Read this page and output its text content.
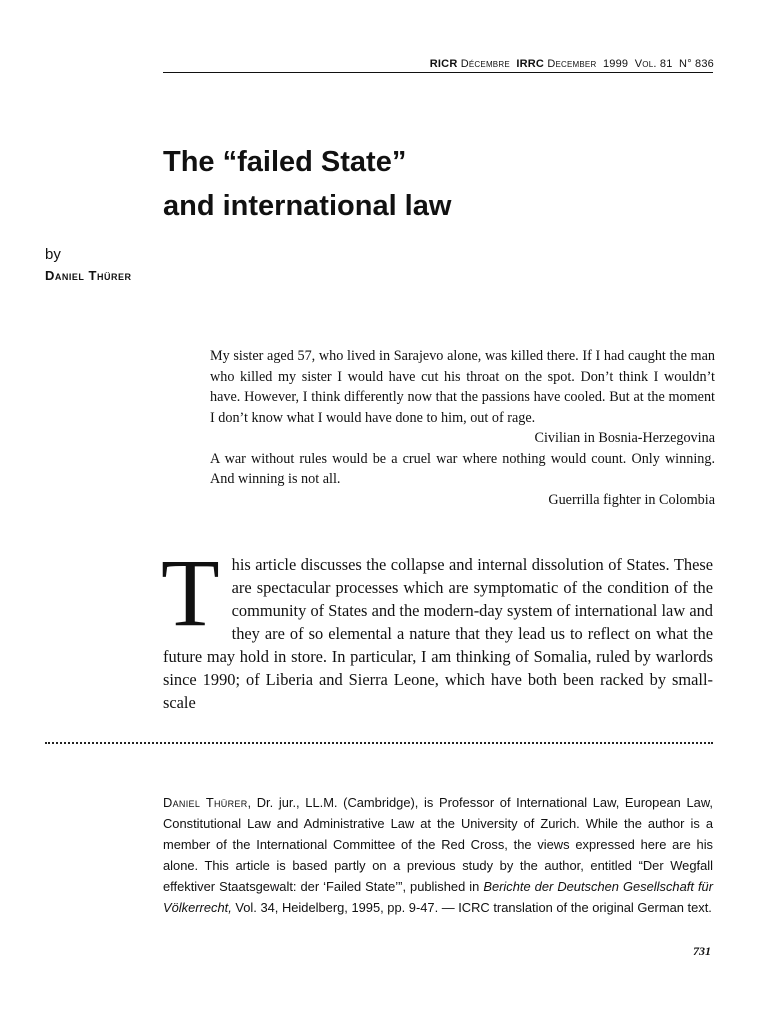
RICR Décembre IRRC December 1999 Vol. 81 N° 836
The “failed State”
and international law
by
Daniel Thürer
My sister aged 57, who lived in Sarajevo alone, was killed there. If I had caught the man who killed my sister I would have cut his throat on the spot. Don’t think I wouldn’t have. However, I think differently now that the passions have cooled. But at the moment I don’t know what I would have done to him, out of rage.
Civilian in Bosnia-Herzegovina
A war without rules would be a cruel war where nothing would count. Only winning. And winning is not all.
Guerrilla fighter in Colombia
This article discusses the collapse and internal dissolution of States. These are spectacular processes which are symptomatic of the condition of the community of States and the modern-day system of international law and they are of so elemental a nature that they lead us to reflect on what the future may hold in store. In particular, I am thinking of Somalia, ruled by warlords since 1990; of Liberia and Sierra Leone, which have both been racked by small-scale
Daniel Thürer, Dr. jur., LL.M. (Cambridge), is Professor of International Law, European Law, Constitutional Law and Administrative Law at the University of Zurich. While the author is a member of the International Committee of the Red Cross, the views expressed here are his alone. This article is based partly on a previous study by the author, entitled “Der Wegfall effektiver Staatsgewalt: der ‘Failed State’”, published in Berichte der Deutschen Gesellschaft für Völkerrecht, Vol. 34, Heidelberg, 1995, pp. 9-47. — ICRC translation of the original German text.
731
